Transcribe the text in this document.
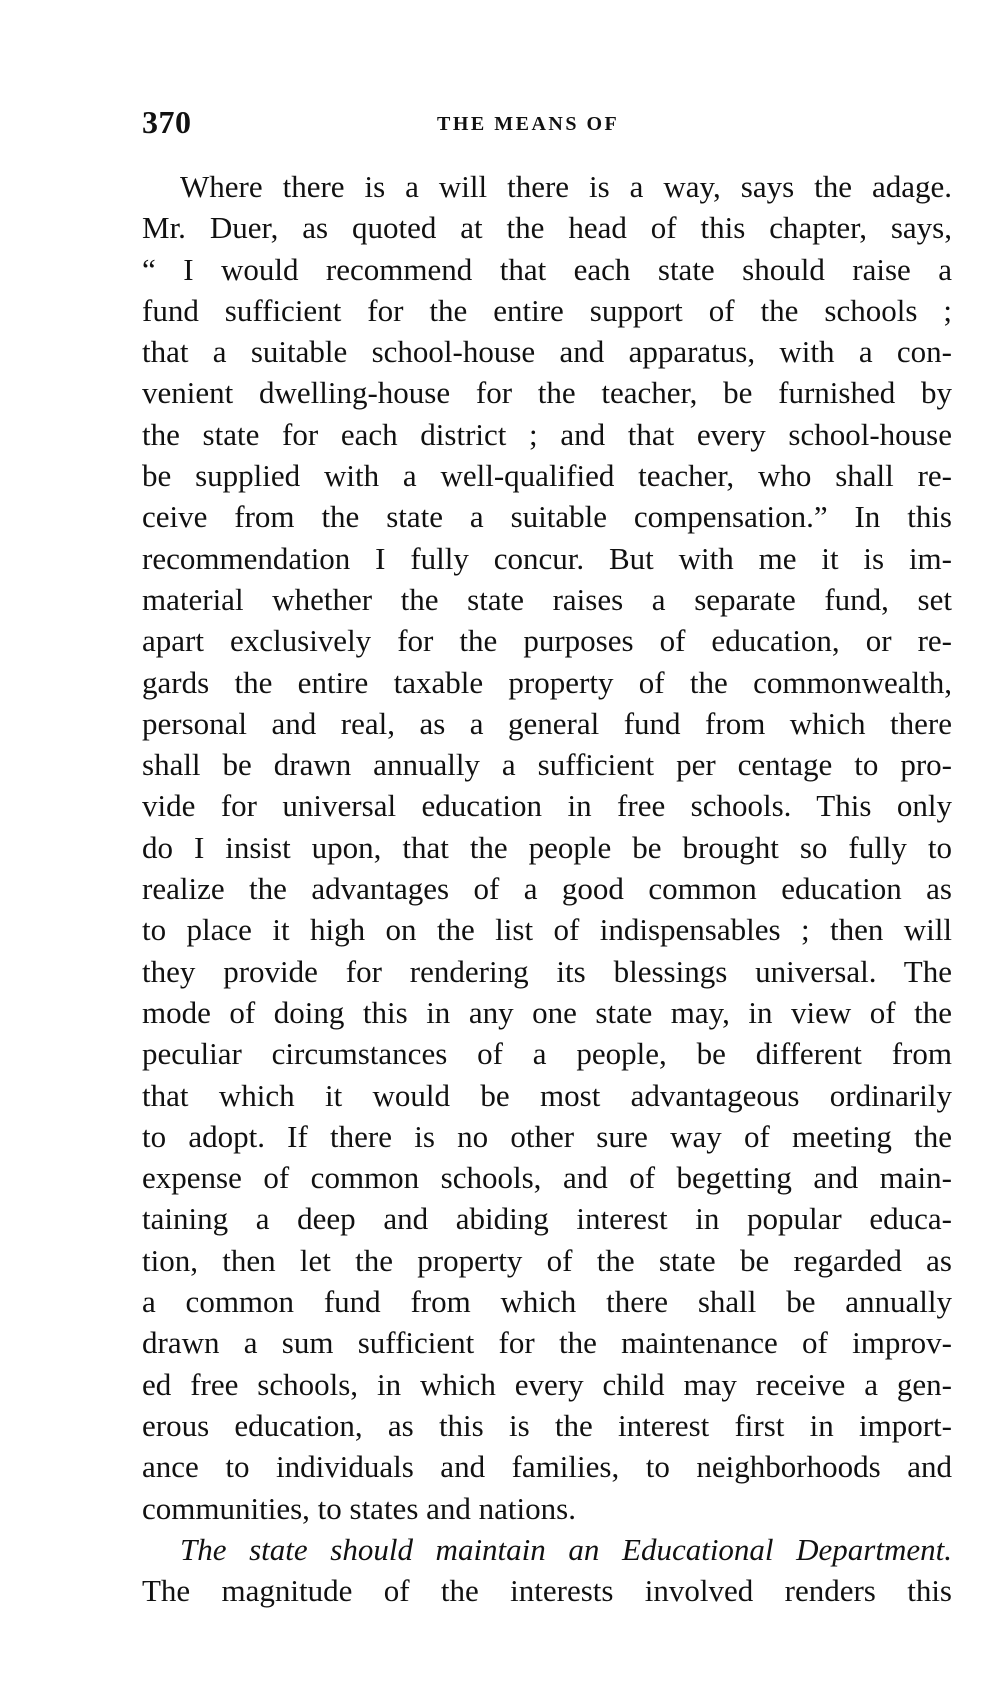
370	THE MEANS OF
Where there is a will there is a way, says the adage.
Mr. Duer, as quoted at the head of this chapter, says,
“ I would recommend that each state should raise a
fund sufficient for the entire support of the schools ;
that a suitable school-house and apparatus, with a con-
venient dwelling-house for the teacher, be furnished by
the state for each district ; and that every school-house
be supplied with a well-qualified teacher, who shall re-
ceive from the state a suitable compensation.” In this
recommendation I fully concur. But with me it is im-
material whether the state raises a separate fund, set
apart exclusively for the purposes of education, or re-
gards the entire taxable property of the commonwealth,
personal and real, as a general fund from which there
shall be drawn annually a sufficient per centage to pro-
vide for universal education in free schools. This only
do I insist upon, that the people be brought so fully to
realize the advantages of a good common education as
to place it high on the list of indispensables ; then will
they provide for rendering its blessings universal. The
mode of doing this in any one state may, in view of the
peculiar circumstances of a people, be different from
that which it would be most advantageous ordinarily
to adopt. If there is no other sure way of meeting the
expense of common schools, and of begetting and main-
taining a deep and abiding interest in popular educa-
tion, then let the property of the state be regarded as
a common fund from which there shall be annually
drawn a sum sufficient for the maintenance of improv-
ed free schools, in which every child may receive a gen-
erous education, as this is the interest first in import-
ance to individuals and families, to neighborhoods and
communities, to states and nations.
The state should maintain an Educational Department.
The magnitude of the interests involved renders this
